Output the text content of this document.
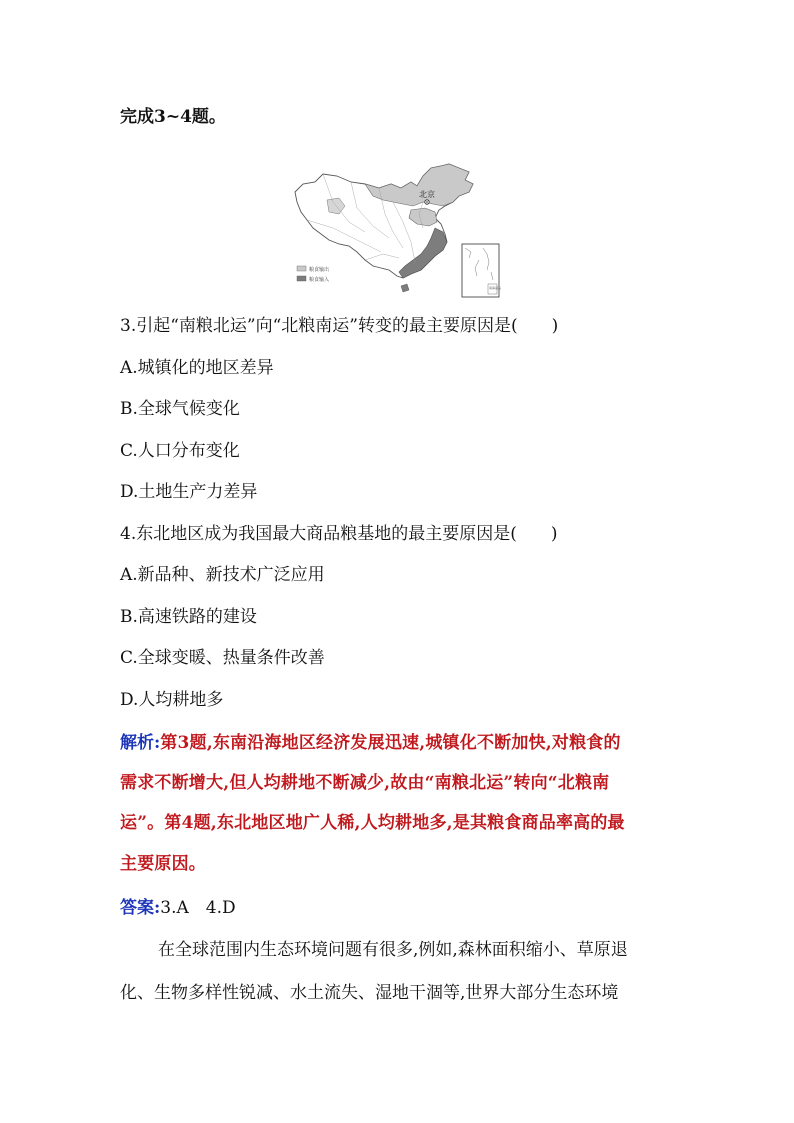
完成3~4题。
北京
粮食输出
粮食输入
南海诸岛
3.引起“南粮北运”向“北粮南运”转变的最主要原因是(　　)
A.城镇化的地区差异
B.全球气候变化
C.人口分布变化
D.土地生产力差异
4.东北地区成为我国最大商品粮基地的最主要原因是(　　)
A.新品种、新技术广泛应用
B.高速铁路的建设
C.全球变暖、热量条件改善
D.人均耕地多
解析:第3题,东南沿海地区经济发展迅速,城镇化不断加快,对粮食的
需求不断增大,但人均耕地不断减少,故由“南粮北运”转向“北粮南
运”。第4题,东北地区地广人稀,人均耕地多,是其粮食商品率高的最
主要原因。
答案:3.A　4.D
在全球范围内生态环境问题有很多,例如,森林面积缩小、草原退
化、生物多样性锐减、水土流失、湿地干涸等,世界大部分生态环境
